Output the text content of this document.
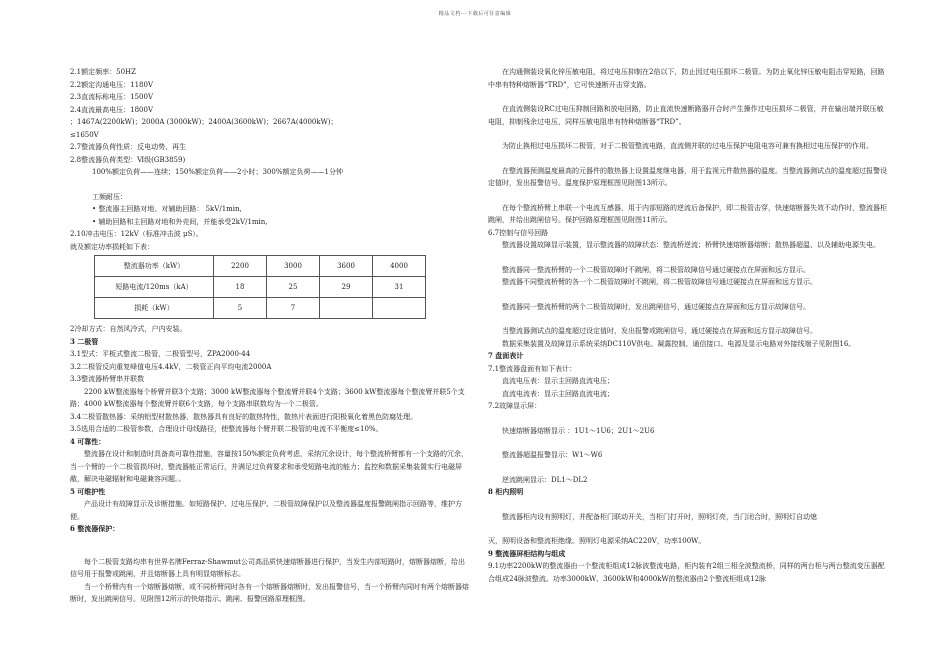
精品文档---下载后可任意编辑

2.1额定频率：50HZ

2.2额定沟通电压：1180V

2.3直流标称电压：1500V

2.4直流最高电压：1800V

；1467A(2200kW)；2000A (3000kW)；2400A(3600kW)；2667A(4000kW)；

≤1650V

2.7整流器负荷性质：反电动势、再生

2.8整流器负荷类型：Ⅵ级(GB3859)

100%额定负荷——连续；150%额定负荷——2小时；300%额定负荷——1分钟

工频耐压：

• 整流器主回路对地、对辅助回路： 5kV/1min,

• 辅助回路和主回路对地和外壳间，并能承受2kV/1min,

2.10冲击电压：12kV（标准冲击波 μS）。

就及额定功率损耗如下表：

整流器功率（kW）	2200	3000	3600	4000
短路电流/120ms（kA）	18	25	29	31
损耗（kW）	5	7		

2冷却方式：自然风冷式，户内安装。

3 二极管

3.1型式：平板式整流二极管，二极管型号，ZPA2000-44

3.2二极管反向重复峰值电压4.4kV，二极管正向平均电流2000A

3.3整流器桥臂串并联数

2200 kW整流器每个桥臂并联3个支路；3000 kW整流器每个整流臂并联4个支路；3600 kW整流器每个整流臂并联5个支路；4000 kW整流器每个整流臂并联6个支路，每个支路串联数均为一个二极管。

3.4二极管散热器：采纳铝型材散热器，散热器具有良好的散热特性，散热片表面进行阳极氧化着黑色防腐处理。

3.5选用合适的二极管参数，合理设计母线路径，使整流器每个臂并联二极管的电流不平衡度≤10%。

4 可靠性：

整流器在设计和制造时具备高可靠性措施，容量按150%额定负荷考虑，采纳冗余设计，每个整流桥臂都有一个支路的冗余，当一个臂的一个二极管损坏时，整流器能正常运行，并满足过负荷要求和承受短路电流的能力；监控和数据采集装置实行电磁屏敝，解决电磁辐射和电磁兼容问题。。

5 可维护性

产品设计有故障显示及诊断措施。如短路保护、过电压保护、二极管故障保护以及整流器温度报警跳闸指示回路等，维护方便。

6 整流器保护：

每个二极管支路均串有世界名牌Ferraz-Shawmut公司高品质快速熔断器进行保护，当发生内部短路时，熔断器熔断，给出信号用于报警或跳闸，并且熔断器上具有明显熔断标志。

当一个桥臂内有一个熔断器熔断，或不同桥臂同时各有一个熔断器熔断时，发出报警信号，当一个桥臂内同时有两个熔断器熔断时，发出跳闸信号。见附图12所示的快熔指示、跳闸、报警回路原理框图。

在沟通侧装设氧化锌压敏电阻，将过电压抑制在2倍以下，防止因过电压损坏二极管。为防止氧化锌压敏电阻击穿短路，回路中串有特种熔断器“TRD”，它可快速断开击穿支路。

在直流侧装设RC过电压抑制回路和放电回路，防止直流快速断路器开合时产生操作过电压损坏二极管，并在输出端并联压敏电阻，抑制残余过电压，同样压敏电阻串有特种熔断器“TRD”。

为防止换相过电压损坏二极管，对于二极管整流电路，直流侧并联的过电压保护电阻电容可兼有换相过电压保护的作用。

在整流器预测温度最高的元器件的散热器上设置温度继电器，用于监视元件散热器的温度。当整流器测试点的温度超过报警设定值时，发出报警信号。温度保护原理框图见附图13所示。

在每个整流桥臂上串联一个电流互感器，用于内部短路的逆流后备保护，即二极管击穿，快速熔断器失效不动作时，整流器柜跳闸，并给出跳闸信号。保护回路原理框图见附图11所示。

6.7控制与信号回路

整流器设置故障显示装置，显示整流器的故障状态：整流桥逆流；桥臂快速熔断器熔断；散热器超温、以及辅助电源失电。

整流器同一整流桥臂的一个二极管故障时不跳闸，将二极管故障信号通过硬接点在屏面和远方显示。

整流器不同整流桥臂的各一个二极管故障时不跳闸，将二极管故障信号通过硬接点在屏面和远方显示。

整流器同一整流桥臂的两个二极管故障时，发出跳闸信号，通过硬接点在屏面和远方显示故障信号。

当整流器测试点的温度超过设定值时，发出报警或跳闸信号，通过硬接点在屏面和远方显示故障信号。

数据采集装置及故障显示系统采纳DC110V供电。凝露控制、通信接口、电源及显示电路对外接线端子见附图16。

7 盘面表计

7.1整流器盘面有如下表计：

直流电压表：显示主回路直流电压；

直流电流表：显示主回路直流电流；

7.2故障显示屏：

快速熔断器熔断显示 ：1U1～1U6；2U1～2U6

整流器超温报警显示：W1～W6

逆流跳闸显示：DL1～DL2

8 柜内照明

整流器柜内设有照明灯，并配备柜门联动开关，当柜门打开时，照明灯亮，当门闭合时，照明灯自动熄

灭，照明设备和整流柜绝缘。照明灯电源采纳AC220V，功率100W。

9 整流器屏柜结构与组成

9.1功率2200kW的整流器由一个整流柜组成12脉波整流电路，柜内装有2组三相全波整流桥，同样的两台柜与两台整流变压器配合组成24脉波整流。功率3000kW、3600kW和4000kW的整流器由2个整流柜组成12脉
